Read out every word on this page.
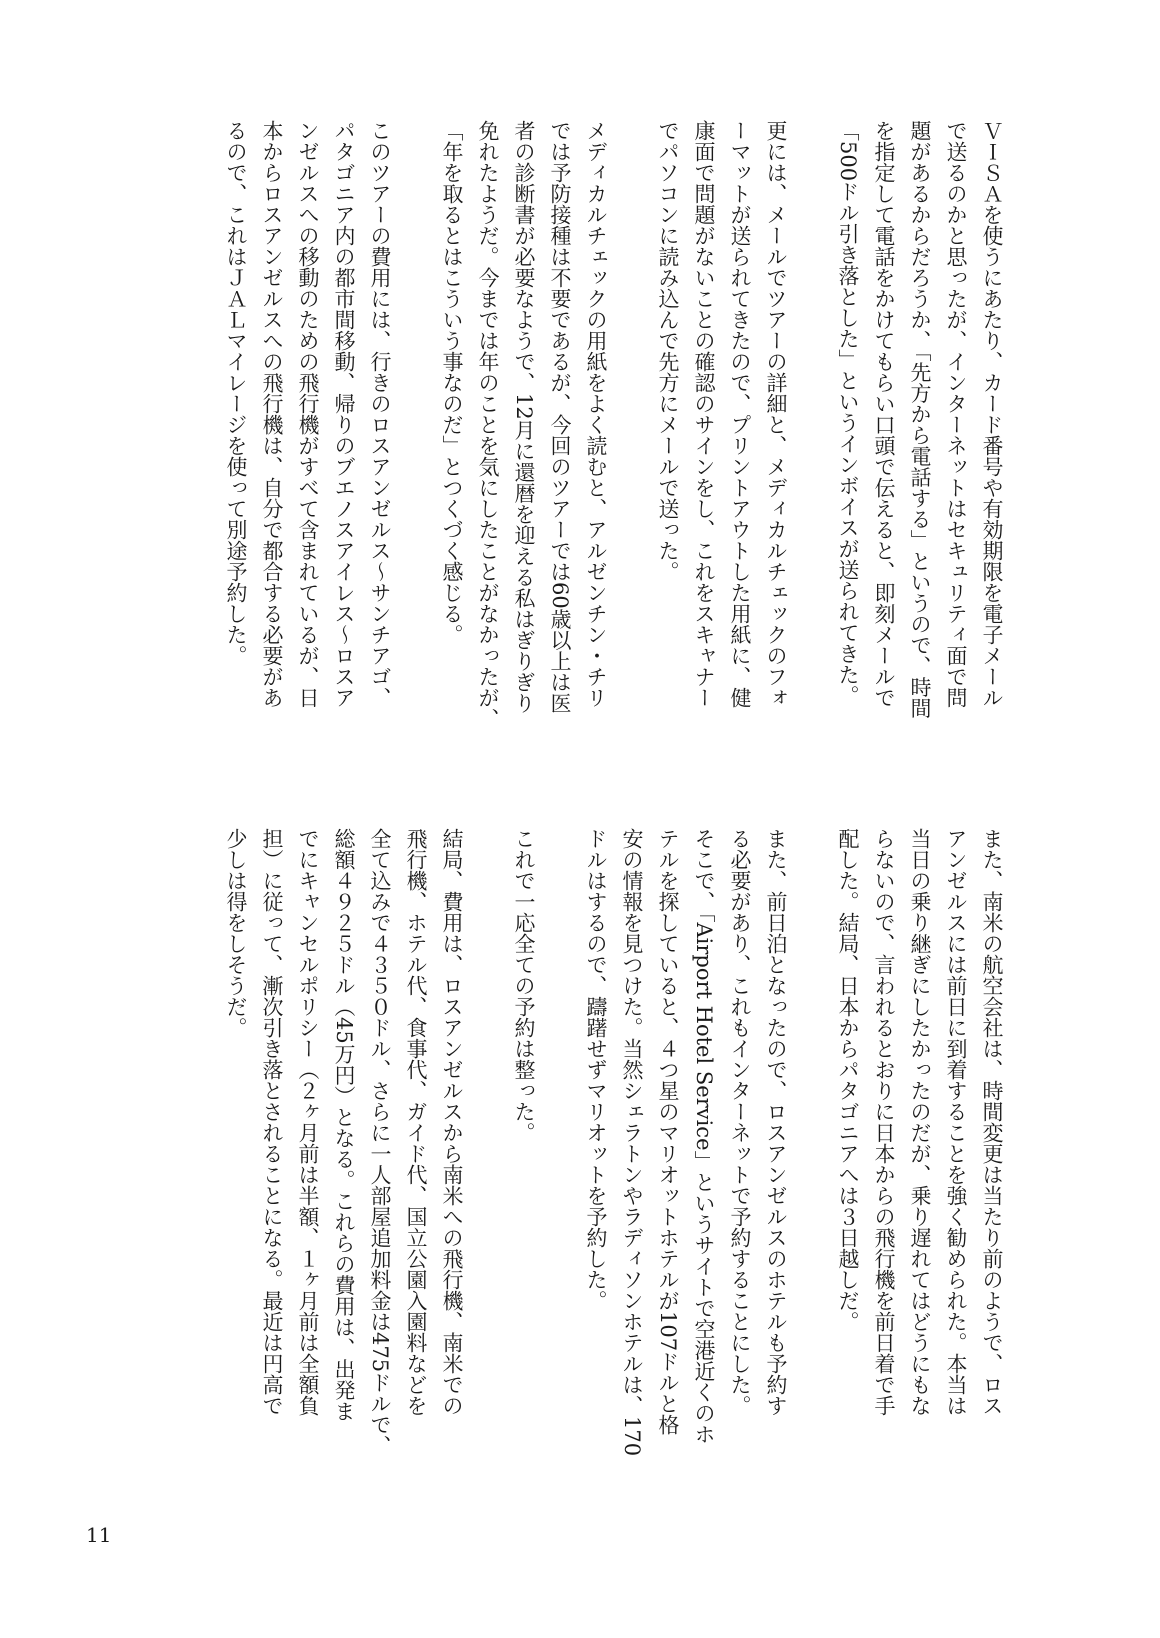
ＶＩＳＡを使うにあたり、カード番号や有効期限を電子メール
で送るのかと思ったが、インターネットはセキュリティ面で問
題があるからだろうか、「先方から電話する」というので、時間
を指定して電話をかけてもらい口頭で伝えると、即刻メールで
「500ドル引き落とした」というインボイスが送られてきた。

更には、メールでツアーの詳細と、メディカルチェックのフォ
ーマットが送られてきたので、プリントアウトした用紙に、健
康面で問題がないことの確認のサインをし、これをスキャナー
でパソコンに読み込んで先方にメールで送った。

メディカルチェックの用紙をよく読むと、アルゼンチン・チリ
では予防接種は不要であるが、今回のツアーでは60歳以上は医
者の診断書が必要なようで、12月に還暦を迎える私はぎりぎり
免れたようだ。今までは年のことを気にしたことがなかったが、
「年を取るとはこういう事なのだ」とつくづく感じる。

このツアーの費用には、行きのロスアンゼルス～サンチアゴ、
パタゴニア内の都市間移動、帰りのブエノスアイレス～ロスア
ンゼルスへの移動のための飛行機がすべて含まれているが、日
本からロスアンゼルスへの飛行機は、自分で都合する必要があ
るので、これはＪＡＬマイレージを使って別途予約した。

また、南米の航空会社は、時間変更は当たり前のようで、ロス
アンゼルスには前日に到着することを強く勧められた。本当は
当日の乗り継ぎにしたかったのだが、乗り遅れてはどうにもな
らないので、言われるとおりに日本からの飛行機を前日着で手
配した。結局、日本からパタゴニアへは３日越しだ。

また、前日泊となったので、ロスアンゼルスのホテルも予約す
る必要があり、これもインターネットで予約することにした。
そこで、「Airport Hotel Service」というサイトで空港近くのホ
テルを探していると、４つ星のマリオットホテルが107ドルと格
安の情報を見つけた。当然シェラトンやラディソンホテルは、170
ドルはするので、躊躇せずマリオットを予約した。

これで一応全ての予約は整った。

結局、費用は、ロスアンゼルスから南米への飛行機、南米での
飛行機、ホテル代、食事代、ガイド代、国立公園入園料などを
全て込みで４３５０ドル、さらに一人部屋追加料金は475ドルで、
総額４９２５ドル（45万円）となる。これらの費用は、出発ま
でにキャンセルポリシー（２ヶ月前は半額、１ヶ月前は全額負
担）に従って、漸次引き落とされることになる。最近は円高で
少しは得をしそうだ。

11
